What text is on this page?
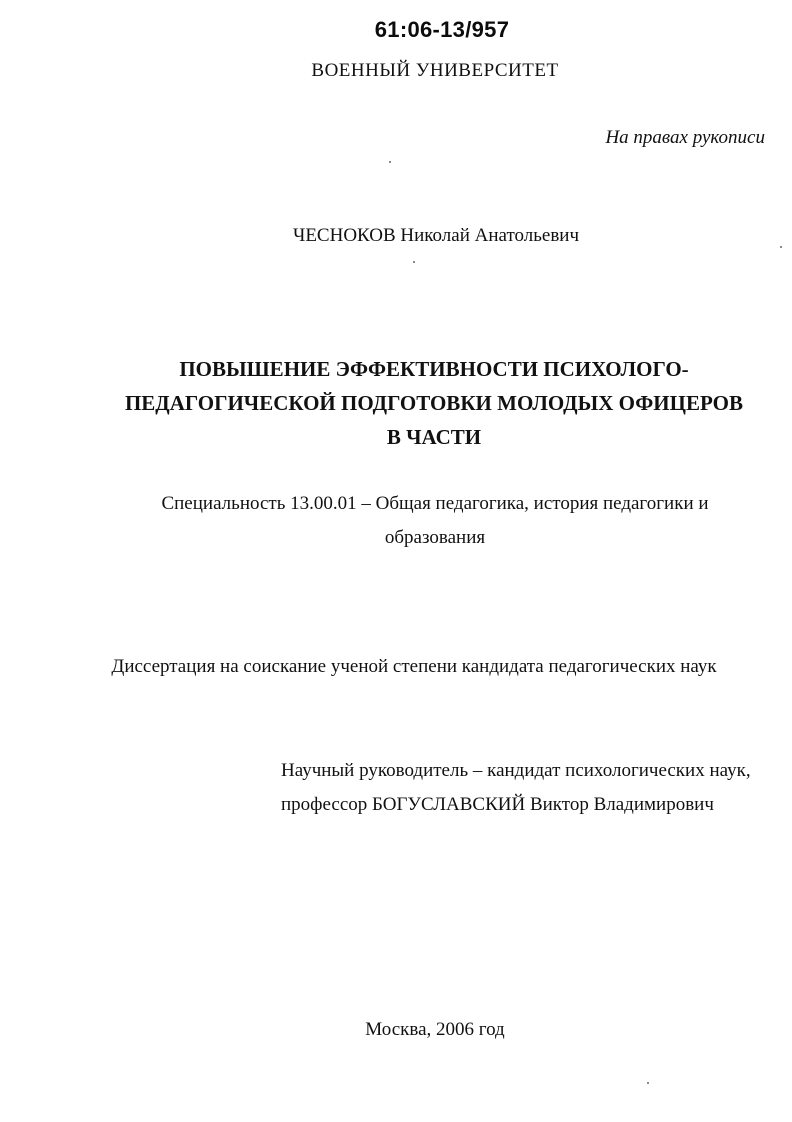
61:06-13/957
ВОЕННЫЙ УНИВЕРСИТЕТ
На правах рукописи
ЧЕСНОКОВ Николай Анатольевич
ПОВЫШЕНИЕ ЭФФЕКТИВНОСТИ ПСИХОЛОГО-
ПЕДАГОГИЧЕСКОЙ ПОДГОТОВКИ МОЛОДЫХ ОФИЦЕРОВ
В ЧАСТИ
Специальность 13.00.01 – Общая педагогика, история педагогики и
образования
Диссертация на соискание ученой степени кандидата педагогических наук
Научный руководитель – кандидат психологических наук,
профессор БОГУСЛАВСКИЙ Виктор Владимирович
Москва, 2006 год
